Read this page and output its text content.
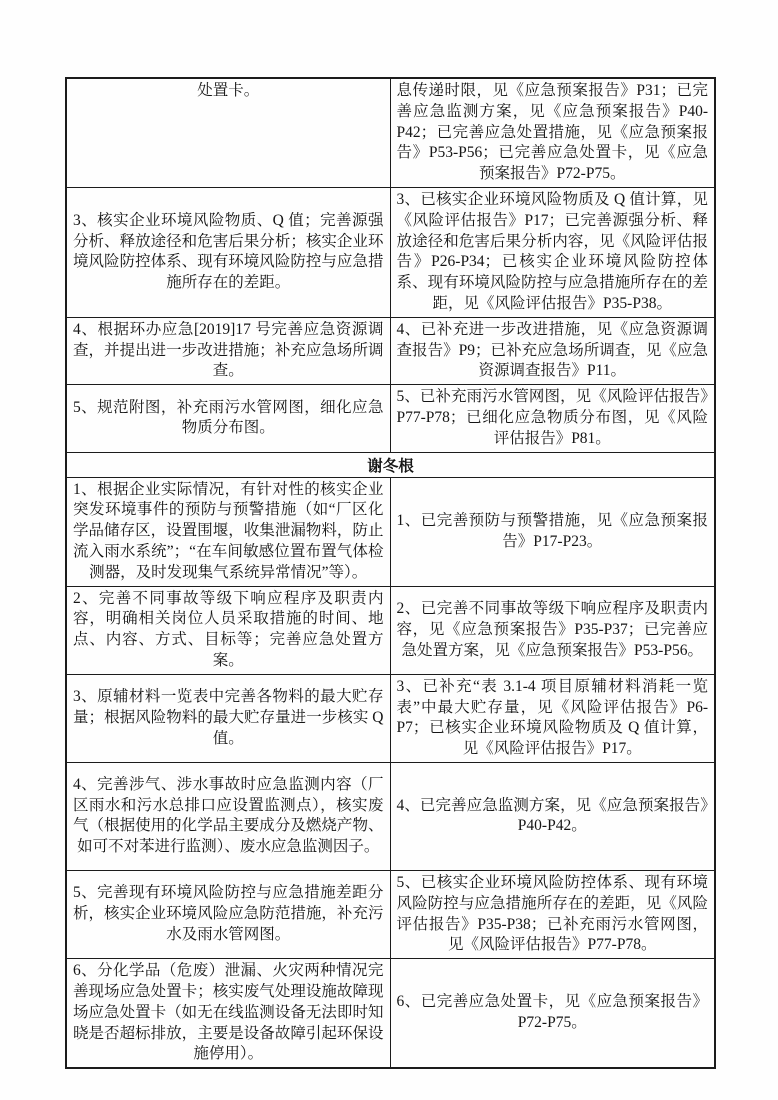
处置卡。	息传递时限，见《应急预案报告》P31；已完善应急监测方案，见《应急预案报告》P40-P42；已完善应急处置措施，见《应急预案报告》P53-P56；已完善应急处置卡，见《应急预案报告》P72-P75。
3、核实企业环境风险物质、Q 值；完善源强分析、释放途径和危害后果分析；核实企业环境风险防控体系、现有环境风险防控与应急措施所存在的差距。	3、已核实企业环境风险物质及 Q 值计算，见《风险评估报告》P17；已完善源强分析、释放途径和危害后果分析内容，见《风险评估报告》P26-P34；已核实企业环境风险防控体系、现有环境风险防控与应急措施所存在的差距，见《风险评估报告》P35-P38。
4、根据环办应急[2019]17 号完善应急资源调查，并提出进一步改进措施；补充应急场所调查。	4、已补充进一步改进措施，见《应急资源调查报告》P9；已补充应急场所调查，见《应急资源调查报告》P11。
5、规范附图，补充雨污水管网图，细化应急物质分布图。	5、已补充雨污水管网图，见《风险评估报告》P77-P78；已细化应急物质分布图，见《风险评估报告》P81。
谢冬根	
1、根据企业实际情况，有针对性的核实企业突发环境事件的预防与预警措施（如“厂区化学品储存区，设置围堰，收集泄漏物料，防止流入雨水系统”；“在车间敏感位置布置气体检测器，及时发现集气系统异常情况”等）。	1、已完善预防与预警措施，见《应急预案报告》P17-P23。
2、完善不同事故等级下响应程序及职责内容，明确相关岗位人员采取措施的时间、地点、内容、方式、目标等；完善应急处置方案。	2、已完善不同事故等级下响应程序及职责内容，见《应急预案报告》P35-P37；已完善应急处置方案，见《应急预案报告》P53-P56。
3、原辅材料一览表中完善各物料的最大贮存量；根据风险物料的最大贮存量进一步核实 Q 值。	3、已补充“表 3.1-4 项目原辅材料消耗一览表”中最大贮存量，见《风险评估报告》P6-P7；已核实企业环境风险物质及 Q 值计算，见《风险评估报告》P17。
4、完善涉气、涉水事故时应急监测内容（厂区雨水和污水总排口应设置监测点），核实废气（根据使用的化学品主要成分及燃烧产物、如可不对苯进行监测）、废水应急监测因子。	4、已完善应急监测方案，见《应急预案报告》P40-P42。
5、完善现有环境风险防控与应急措施差距分析，核实企业环境风险应急防范措施，补充污水及雨水管网图。	5、已核实企业环境风险防控体系、现有环境风险防控与应急措施所存在的差距，见《风险评估报告》P35-P38；已补充雨污水管网图，见《风险评估报告》P77-P78。
6、分化学品（危废）泄漏、火灾两种情况完善现场应急处置卡；核实废气处理设施故障现场应急处置卡（如无在线监测设备无法即时知晓是否超标排放，主要是设备故障引起环保设施停用）。	6、已完善应急处置卡，见《应急预案报告》P72-P75。
